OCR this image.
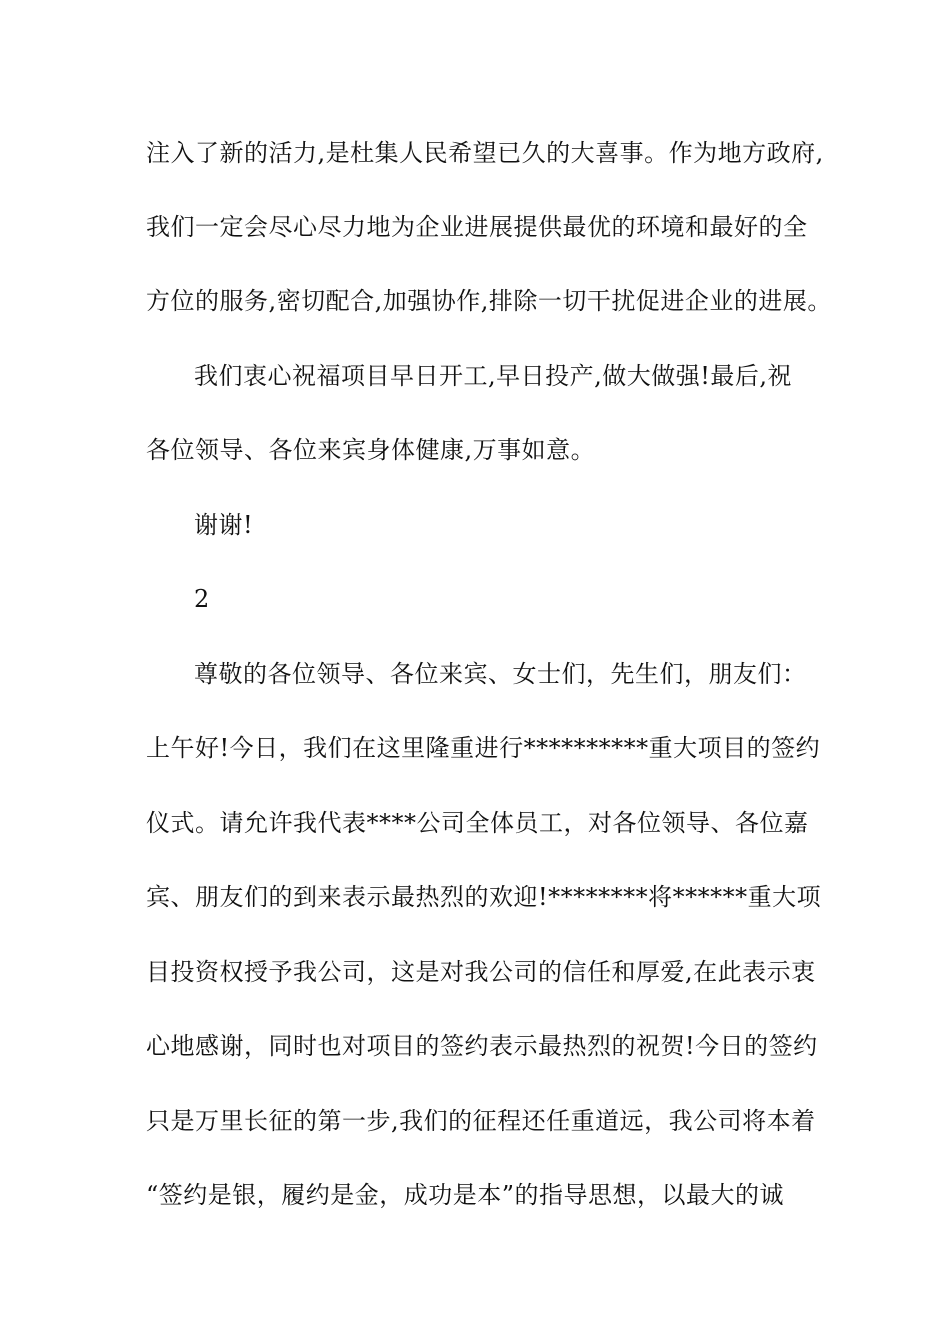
注入了新的活力,是杜集人民希望已久的大喜事。作为地方政府,
我们一定会尽心尽力地为企业进展提供最优的环境和最好的全
方位的服务,密切配合,加强协作,排除一切干扰促进企业的进展。
我们衷心祝福项目早日开工,早日投产,做大做强!最后,祝
各位领导、各位来宾身体健康,万事如意。
谢谢!
2
尊敬的各位领导、各位来宾、女士们，先生们，朋友们：
上午好!今日，我们在这里隆重进行**********重大项目的签约
仪式。请允许我代表****公司全体员工，对各位领导、各位嘉
宾、朋友们的到来表示最热烈的欢迎!********将******重大项
目投资权授予我公司，这是对我公司的信任和厚爱,在此表示衷
心地感谢，同时也对项目的签约表示最热烈的祝贺!今日的签约
只是万里长征的第一步,我们的征程还任重道远，我公司将本着
“签约是银，履约是金，成功是本”的指导思想，以最大的诚
